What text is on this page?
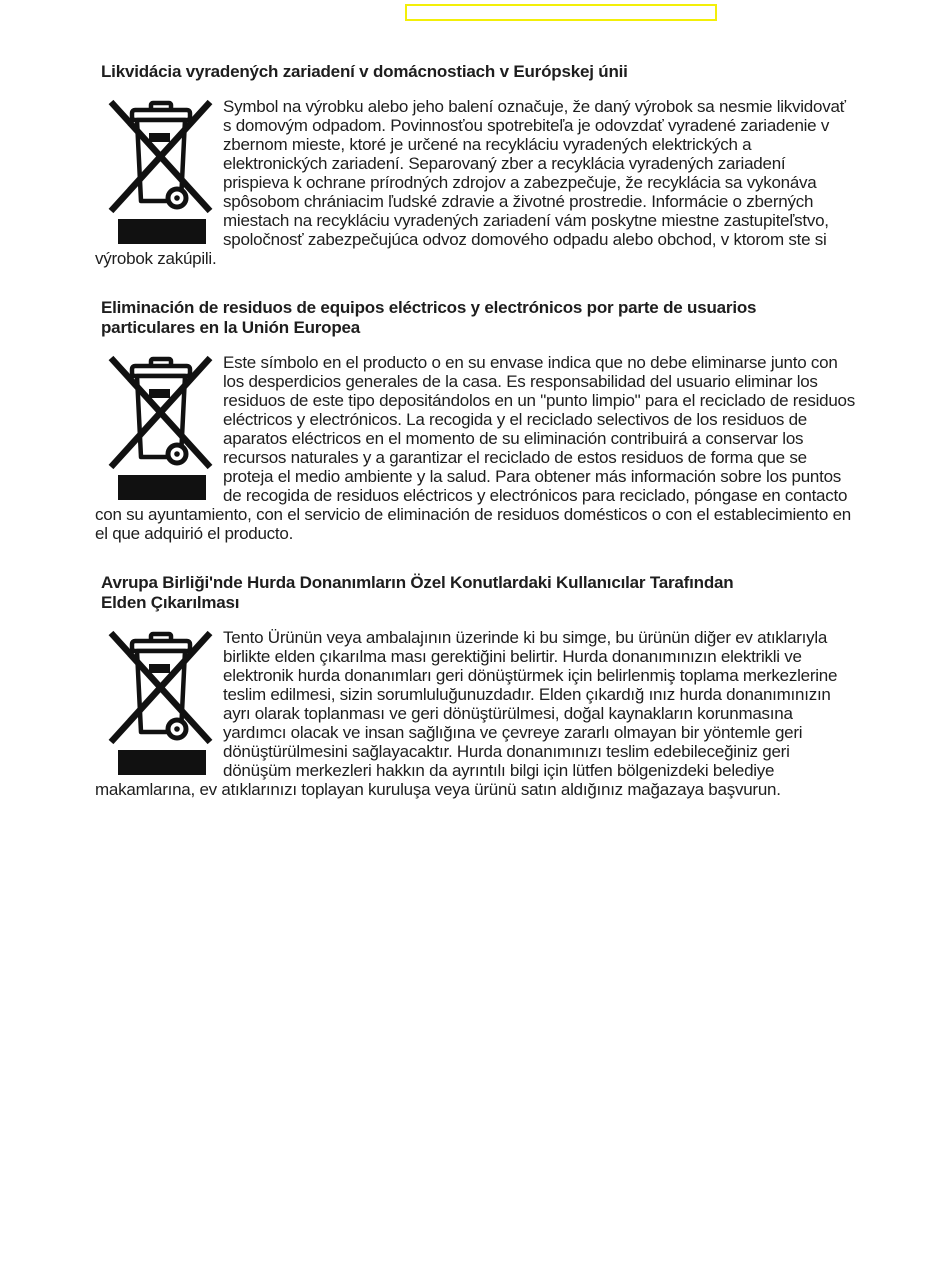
Likvidácia vyradených zariadení v domácnostiach v Európskej únii

Symbol na výrobku alebo jeho balení označuje, že daný výrobok sa nesmie likvidovať s domovým odpadom. Povinnosťou spotrebiteľa je odovzdať vyradené zariadenie v zbernom mieste, ktoré je určené na recykláciu vyradených elektrických a elektronických zariadení. Separovaný zber a recyklácia vyradených zariadení prispieva k ochrane prírodných zdrojov a zabezpečuje, že recyklácia sa vykonáva spôsobom chrániacim ľudské zdravie a životné prostredie. Informácie o zberných miestach na recykláciu vyradených zariadení vám poskytne miestne zastupiteľstvo, spoločnosť zabezpečujúca odvoz domového odpadu alebo obchod, v ktorom ste si výrobok zakúpili.

Eliminación de residuos de equipos eléctricos y electrónicos por parte de usuarios particulares en la Unión Europea

Este símbolo en el producto o en su envase indica que no debe eliminarse junto con los desperdicios generales de la casa. Es responsabilidad del usuario eliminar los residuos de este tipo depositándolos en un "punto limpio" para el reciclado de residuos eléctricos y electrónicos. La recogida y el reciclado selectivos de los residuos de aparatos eléctricos en el momento de su eliminación contribuirá a conservar los recursos naturales y a garantizar el reciclado de estos residuos de forma que se proteja el medio ambiente y la salud. Para obtener más información sobre los puntos de recogida de residuos eléctricos y electrónicos para reciclado, póngase en contacto con su ayuntamiento, con el servicio de eliminación de residuos domésticos o con el establecimiento en el que adquirió el producto.

Avrupa Birliği'nde Hurda Donanımların Özel Konutlardaki Kullanıcılar Tarafından Elden Çıkarılması

Tento Ürünün veya ambalajının üzerinde ki bu simge, bu ürünün diğer ev atıklarıyla birlikte elden çıkarılma ması gerektiğini belirtir. Hurda donanımınızın elektrikli ve elektronik hurda donanımları geri dönüştürmek için belirlenmiş toplama merkezlerine teslim edilmesi, sizin sorumluluğunuzdadır. Elden çıkardığ ınız hurda donanımınızın ayrı olarak toplanması ve geri dönüştürülmesi, doğal kaynakların korunmasına yardımcı olacak ve insan sağlığına ve çevreye zararlı olmayan bir yöntemle geri dönüştürülmesini sağlayacaktır. Hurda donanımınızı teslim edebileceğiniz geri dönüşüm merkezleri hakkın da ayrıntılı bilgi için lütfen bölgenizdeki belediye makamlarına, ev atıklarınızı toplayan kuruluşa veya ürünü satın aldığınız mağazaya başvurun.
